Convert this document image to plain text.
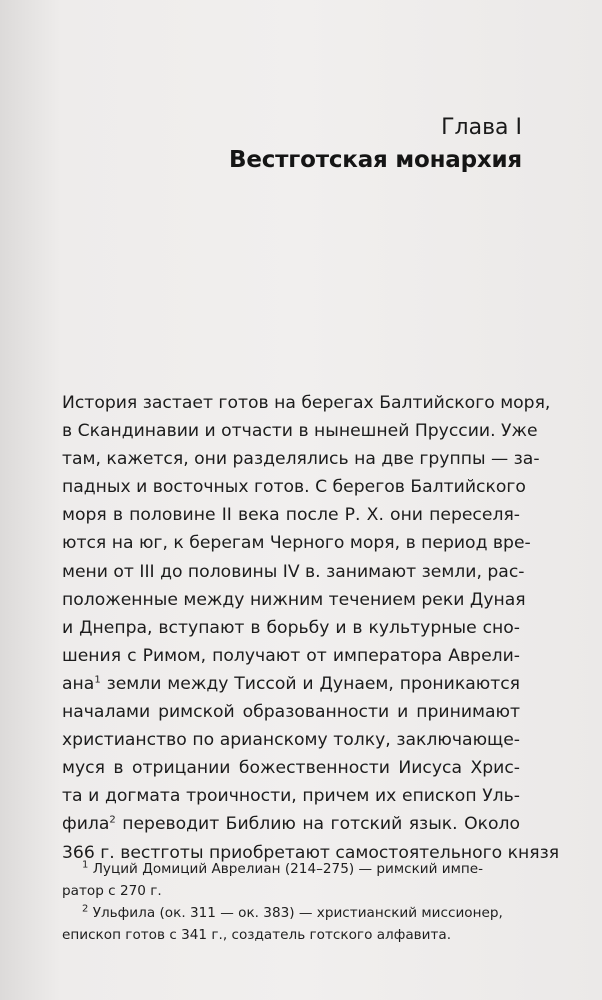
Глава I
Вестготская монархия
История застает готов на берегах Балтийского моря,
в Скандинавии и отчасти в нынешней Пруссии. Уже
там, кажется, они разделялись на две группы — за-
падных и восточных готов. С берегов Балтийского
моря в половине II века после Р. Х. они переселя-
ются на юг, к берегам Черного моря, в период вре-
мени от III до половины IV в. занимают земли, рас-
положенные между нижним течением реки Дуная
и Днепра, вступают в борьбу и в культурные сно-
шения с Римом, получают от императора Аврели-
ана$^1$ земли между Тиссой и Дунаем, проникаются
началами римской образованности и принимают
христианство по арианскому толку, заключающе-
муся в отрицании божественности Иисуса Хрис-
та и догмата троичности, причем их епископ Уль-
фила$^2$ переводит Библию на готский язык. Около
366 г. вестготы приобретают самостоятельного князя
$^1$ Луций Домиций Аврелиан (214–275) — римский импе-
ратор с 270 г.
$^2$ Ульфила (ок. 311 — ок. 383) — христианский миссионер,
епископ готов с 341 г., создатель готского алфавита.
